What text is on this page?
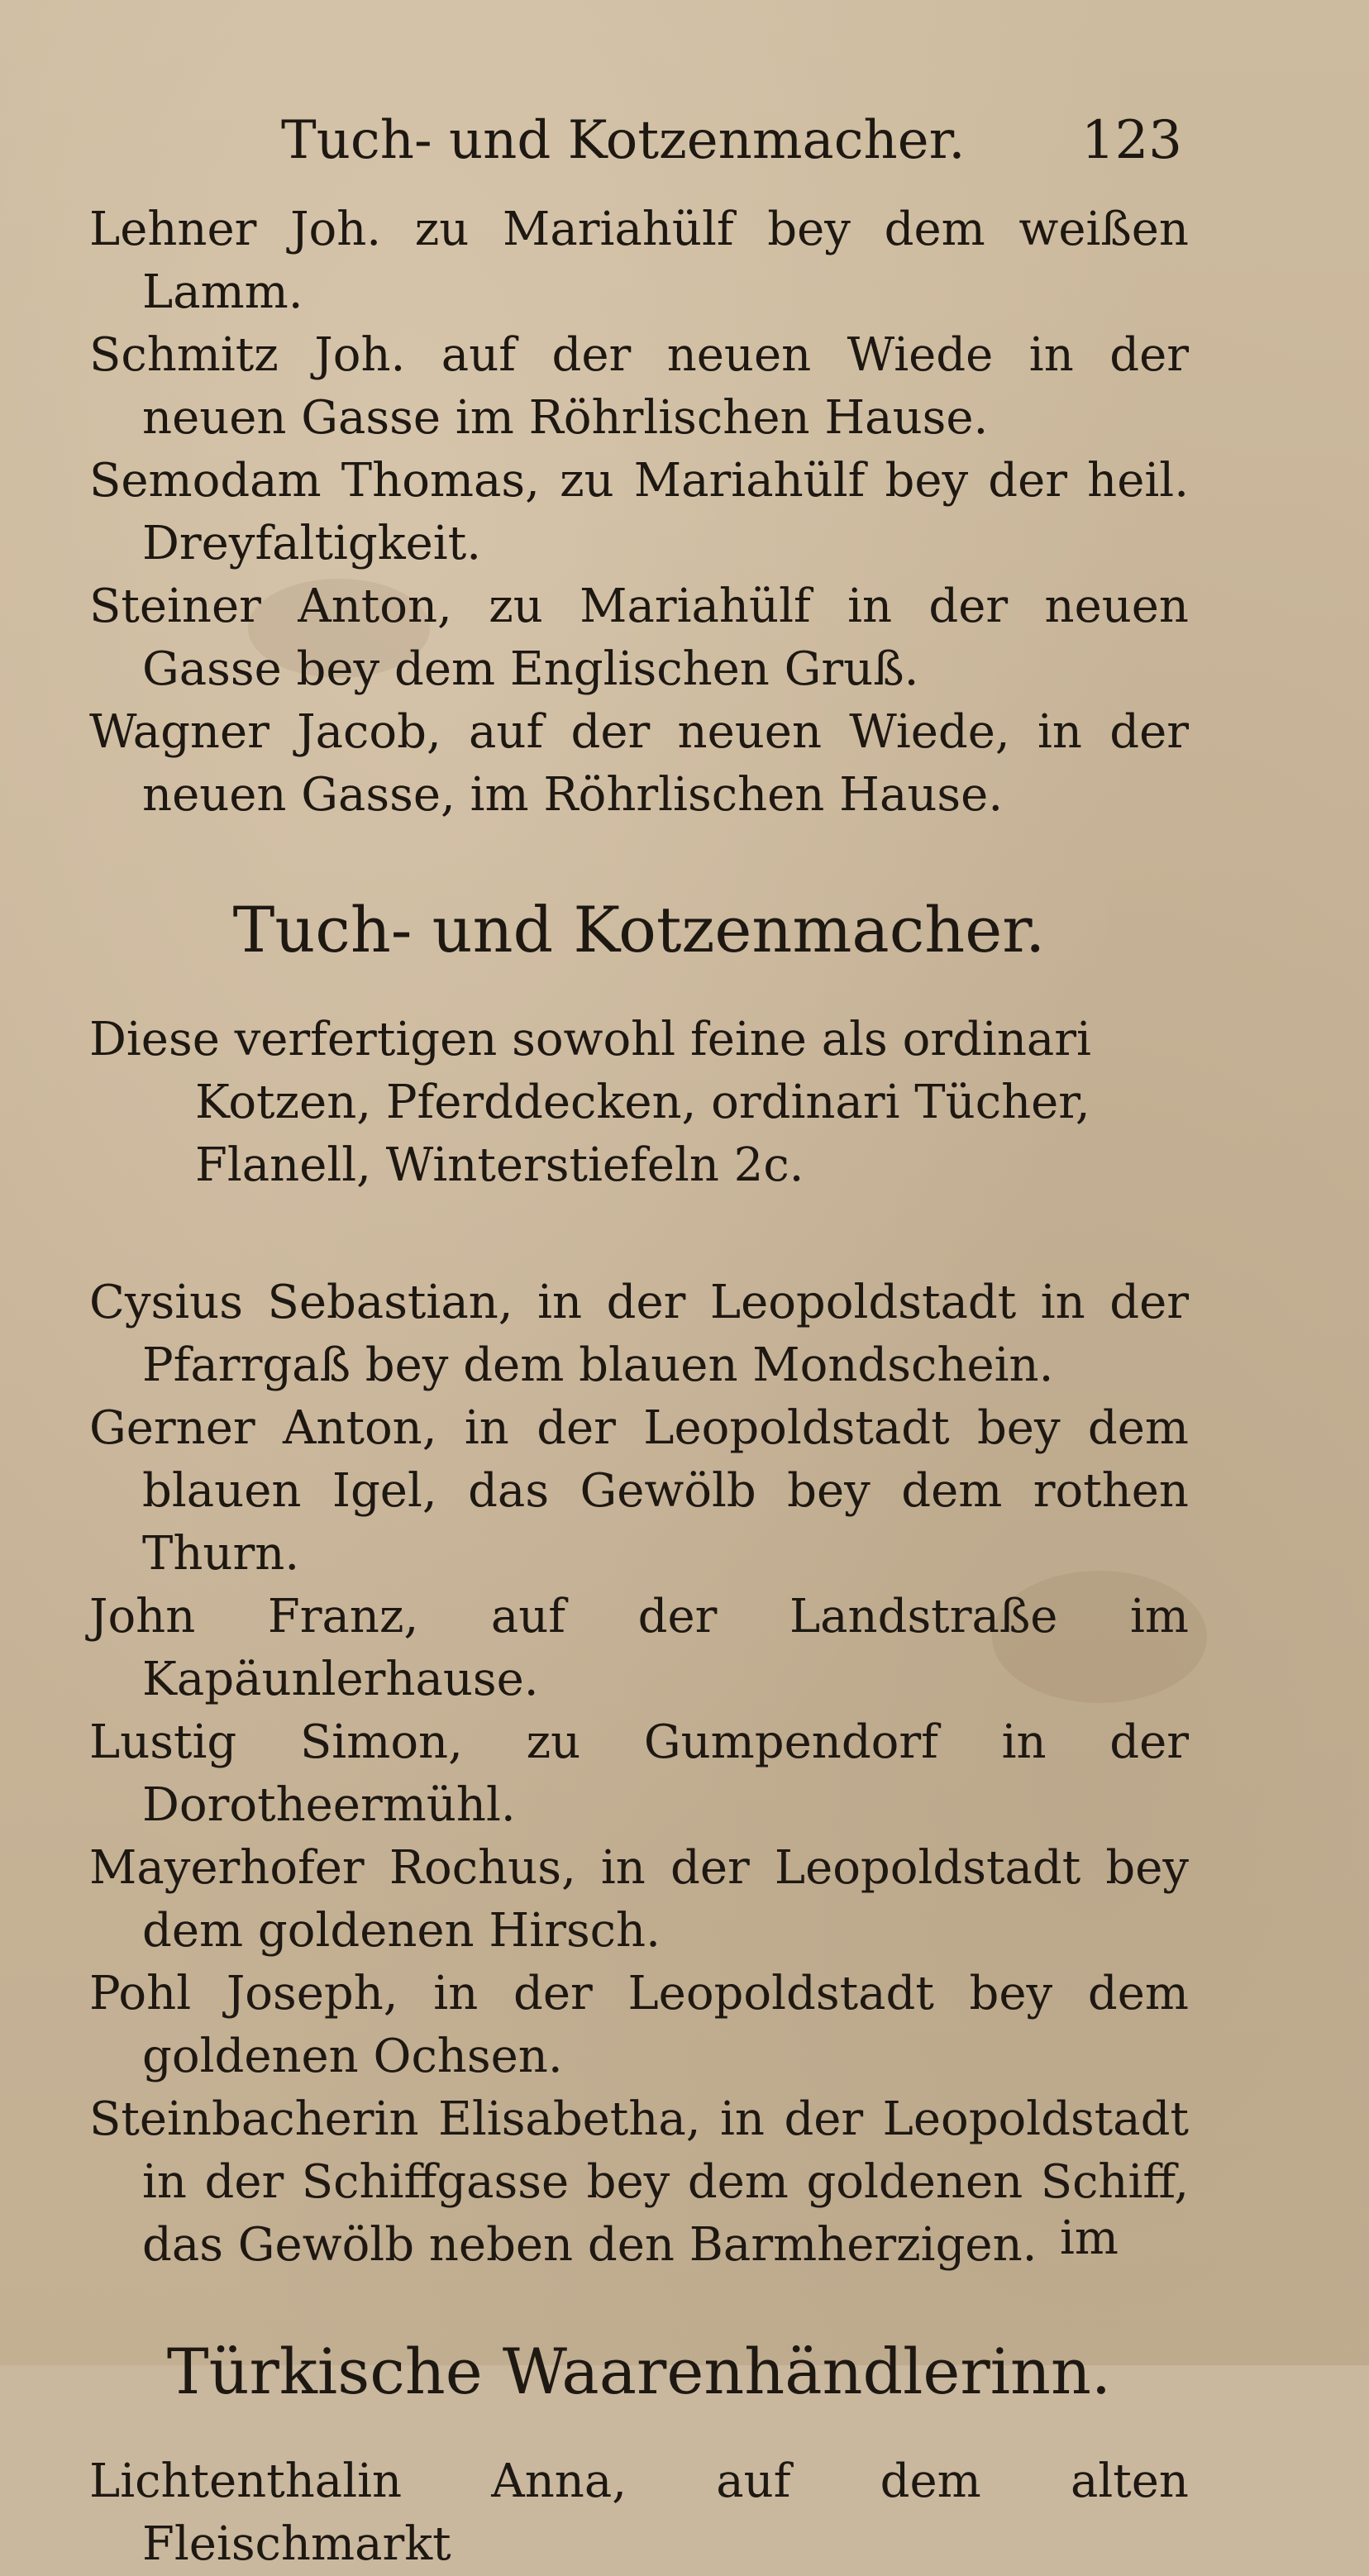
Tuch- und Kotzenmacher. 123

Lehner Joh. zu Mariahülf bey dem weißen Lamm.

Schmitz Joh. auf der neuen Wiede in der neuen Gasse im Röhrlischen Hause.

Semodam Thomas, zu Mariahülf bey der heil. Dreyfaltigkeit.

Steiner Anton, zu Mariahülf in der neuen Gasse bey dem Englischen Gruß.

Wagner Jacob, auf der neuen Wiede, in der neuen Gasse, im Röhrlischen Hause.

Tuch- und Kotzenmacher.

Diese verfertigen sowohl feine als ordinari Kotzen, Pferddecken, ordinari Tücher, Flanell, Winterstiefeln 2c.

Cysius Sebastian, in der Leopoldstadt in der Pfarrgaß bey dem blauen Mondschein.

Gerner Anton, in der Leopoldstadt bey dem blauen Igel, das Gewölb bey dem rothen Thurn.

John Franz, auf der Landstraße im Kapäunlerhause.

Lustig Simon, zu Gumpendorf in der Dorotheermühl.

Mayerhofer Rochus, in der Leopoldstadt bey dem goldenen Hirsch.

Pohl Joseph, in der Leopoldstadt bey dem goldenen Ochsen.

Steinbacherin Elisabetha, in der Leopoldstadt in der Schiffgasse bey dem goldenen Schiff, das Gewölb neben den Barmherzigen.

Türkische Waarenhändlerinn.

Lichtenthalin Anna, auf dem alten Fleischmarkt

im
